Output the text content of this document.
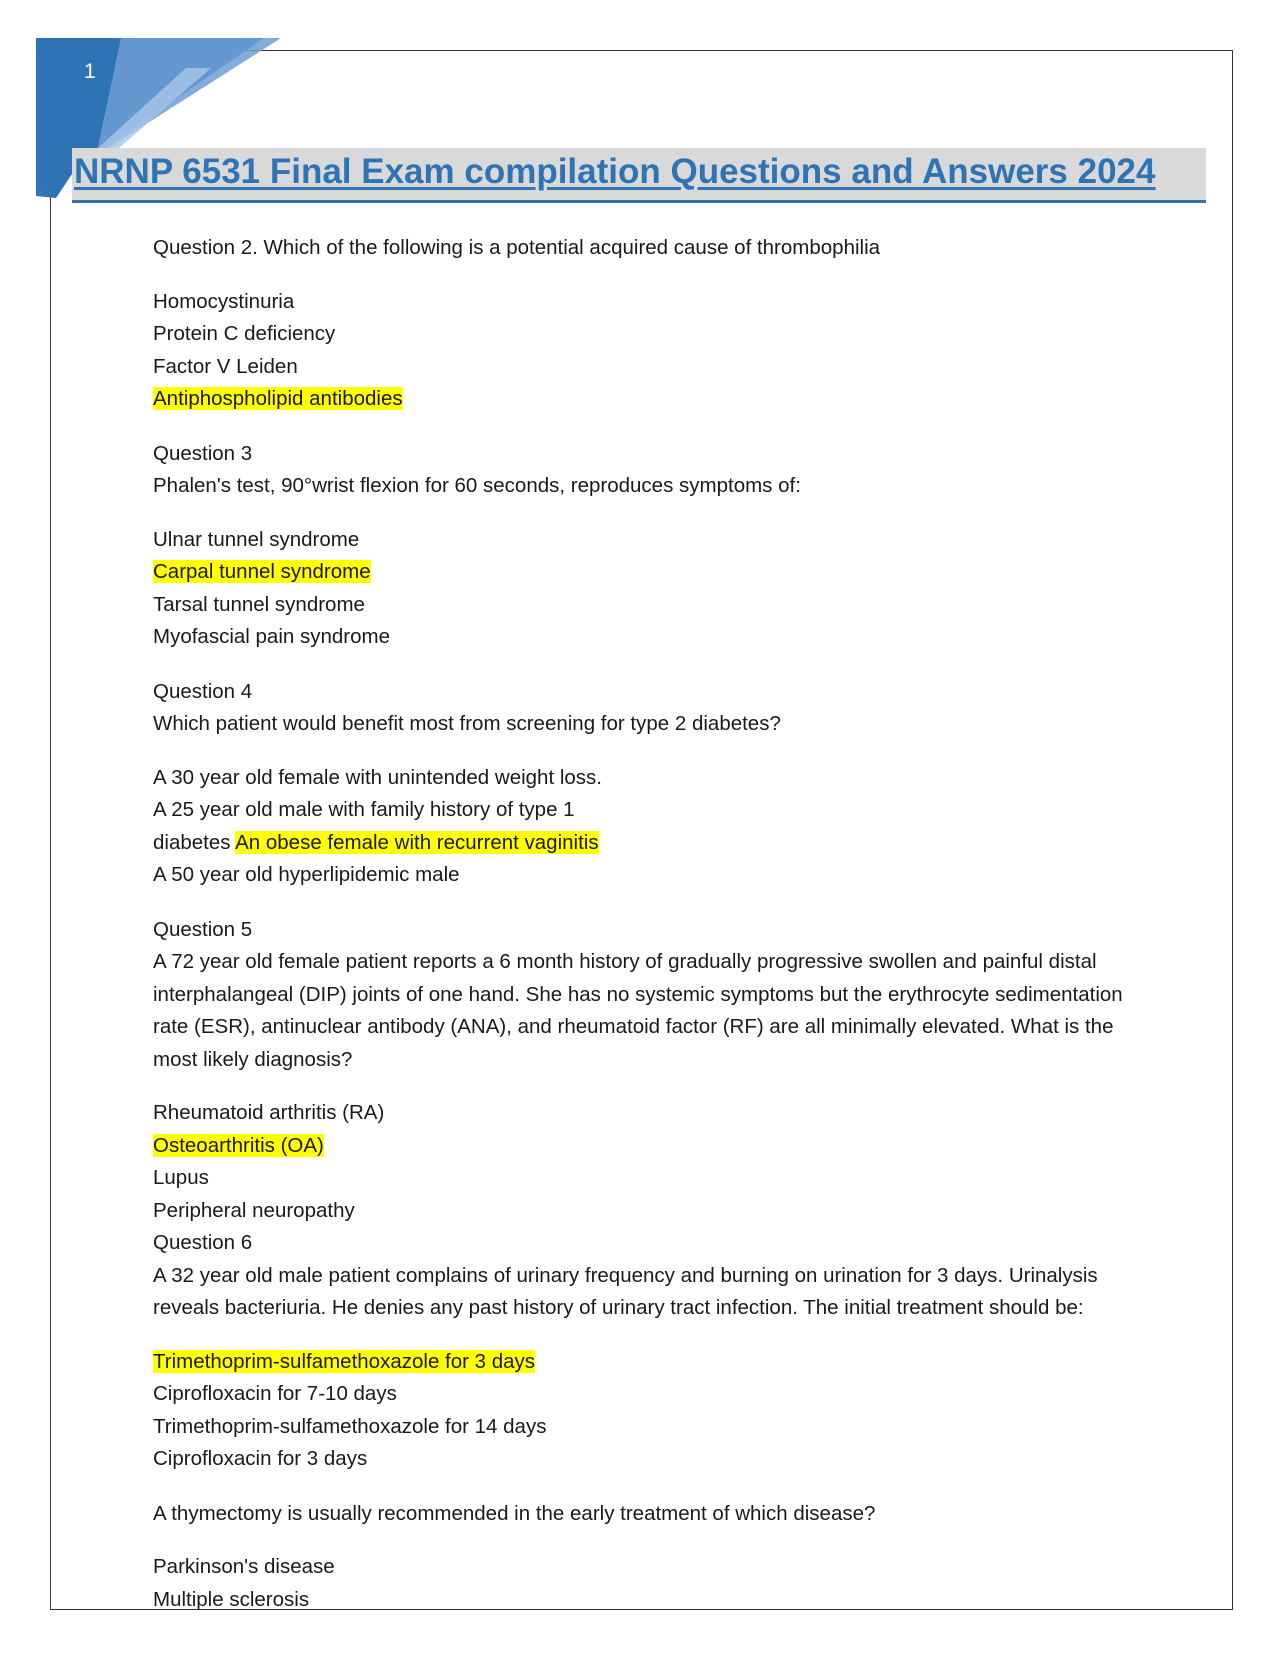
1
NRNP 6531 Final Exam compilation Questions and Answers 2024
Question 2. Which of the following is a potential acquired cause of thrombophilia
Homocystinuria
Protein C deficiency
Factor V Leiden
Antiphospholipid antibodies
Question 3
Phalen's test, 90°wrist flexion for 60 seconds, reproduces symptoms of:
Ulnar tunnel syndrome
Carpal tunnel syndrome
Tarsal tunnel syndrome
Myofascial pain syndrome
Question 4
Which patient would benefit most from screening for type 2 diabetes?
A 30 year old female with unintended weight loss.
A 25 year old male with family history of type 1
diabetes An obese female with recurrent vaginitis
A 50 year old hyperlipidemic male
Question 5
A 72 year old female patient reports a 6 month history of gradually progressive swollen and painful distal interphalangeal (DIP) joints of one hand. She has no systemic symptoms but the erythrocyte sedimentation rate (ESR), antinuclear antibody (ANA), and rheumatoid factor (RF) are all minimally elevated. What is the most likely diagnosis?
Rheumatoid arthritis (RA)
Osteoarthritis (OA)
Lupus
Peripheral neuropathy
Question 6
A 32 year old male patient complains of urinary frequency and burning on urination for 3 days. Urinalysis reveals bacteriuria. He denies any past history of urinary tract infection. The initial treatment should be:
Trimethoprim-sulfamethoxazole for 3 days
Ciprofloxacin for 7-10 days
Trimethoprim-sulfamethoxazole for 14 days
Ciprofloxacin for 3 days
A thymectomy is usually recommended in the early treatment of which disease?
Parkinson's disease
Multiple sclerosis
